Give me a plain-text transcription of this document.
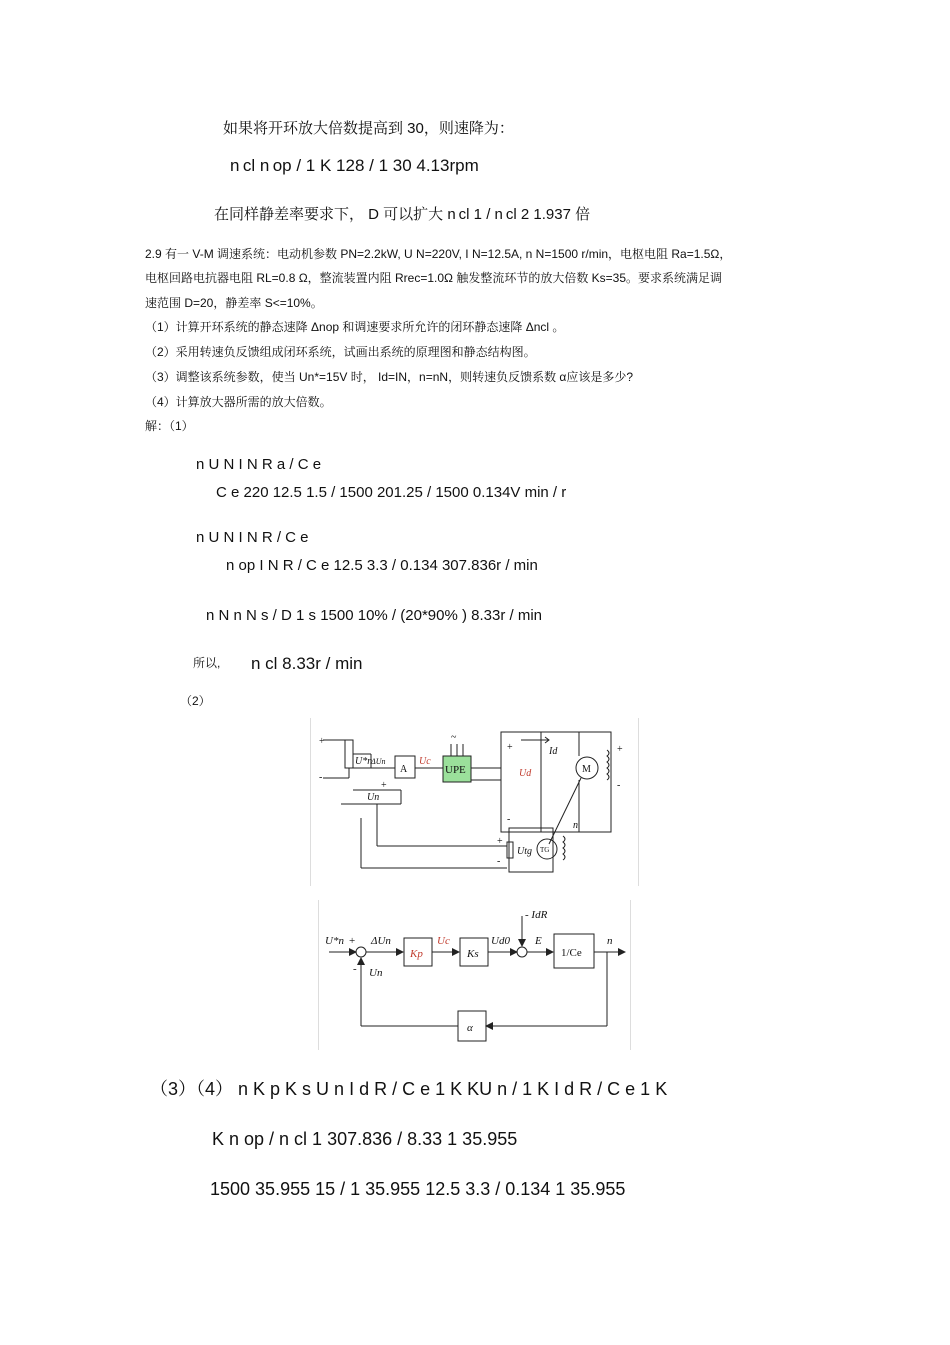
如果将开环放大倍数提高到 30，则速降为：
n cl n op / 1 K 128 / 1 30 4.13rpm
在同样静差率要求下， D 可以扩大 n cl 1 / n cl 2 1.937 倍
2.9 有一 V-M 调速系统：电动机参数 PN=2.2kW, U N=220V, I N=12.5A, n N=1500 r/min，电枢电阻 Ra=1.5Ω，
电枢回路电抗器电阻 RL=0.8 Ω，整流装置内阻 Rrec=1.0Ω 触发整流环节的放大倍数 Ks=35。要求系统满足调
速范围 D=20，静差率 S<=10%。
（1）计算开环系统的静态速降 Δnop 和调速要求所允许的闭环静态速降 Δncl 。
（2）采用转速负反馈组成闭环系统，试画出系统的原理图和静态结构图。
（3）调整该系统参数，使当 Un*=15V 时， Id=IN，n=nN，则转速负反馈系数 α应该是多少?
（4）计算放大器所需的放大倍数。
解：（1）
n U N I N R a / C e
C e 220 12.5 1.5 / 1500 201.25 / 1500 0.134V min / r
n U N I N R / C e
n op I N R / C e 12.5 3.3 / 0.134 307.836r / min
n N n N s / D 1 s 1500 10% / (20*90% ) 8.33r / min
所以, n cl 8.33r / min
（2）
A	UPE	M
TG
U*n
ΔUn	Uc
Ud
Id
Un
Utg
n
+
-
~
+
-
+
-
+
+
-
U*n ΔUn
Kp
Uc
Ks
Ud0
- IdR
E
1/Ce
n
Un
α
+
-
（3）（4） n K p K s U n I d R / C e 1 K KU n / 1 K I d R / C e 1 K
K n op / n cl 1 307.836 / 8.33 1 35.955
1500 35.955 15 / 1 35.955 12.5 3.3 / 0.134 1 35.955
